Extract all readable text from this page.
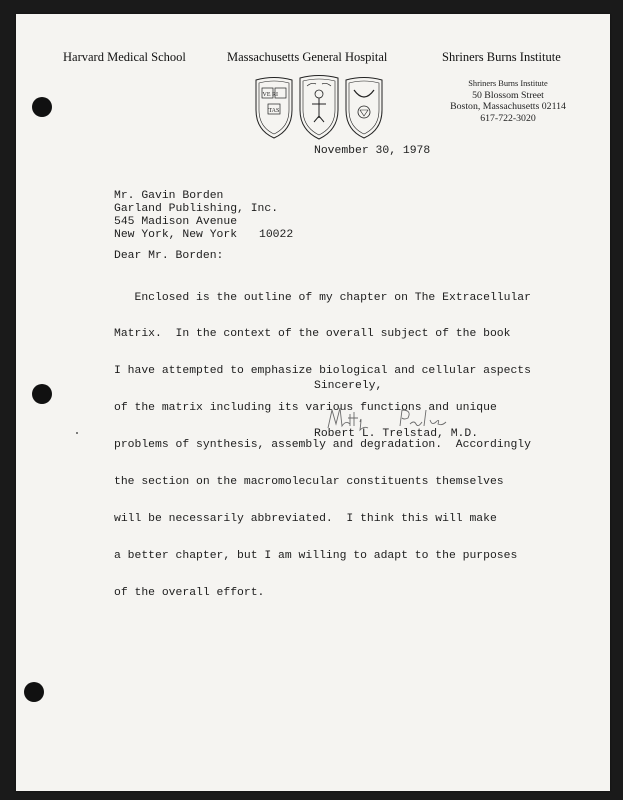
Harvard Medical School	Massachusetts General Hospital	Shriners Burns Institute
VE RI
TAS
Shriners Burns Institute
50 Blossom Street
Boston, Massachusetts 02114
617-722-3020
November 30, 1978
Mr. Gavin Borden
Garland Publishing, Inc.
545 Madison Avenue
New York, New York 10022
Dear Mr. Borden:

Enclosed is the outline of my chapter on The Extracellular

Matrix.  In the context of the overall subject of the book

I have attempted to emphasize biological and cellular aspects

of the matrix including its various functions and unique

problems of synthesis, assembly and degradation.  Accordingly

the section on the macromolecular constituents themselves

will be necessarily abbreviated.  I think this will make

a better chapter, but I am willing to adapt to the purposes

of the overall effort.

Sincerely,
Robert L. Trelstad, M.D.
